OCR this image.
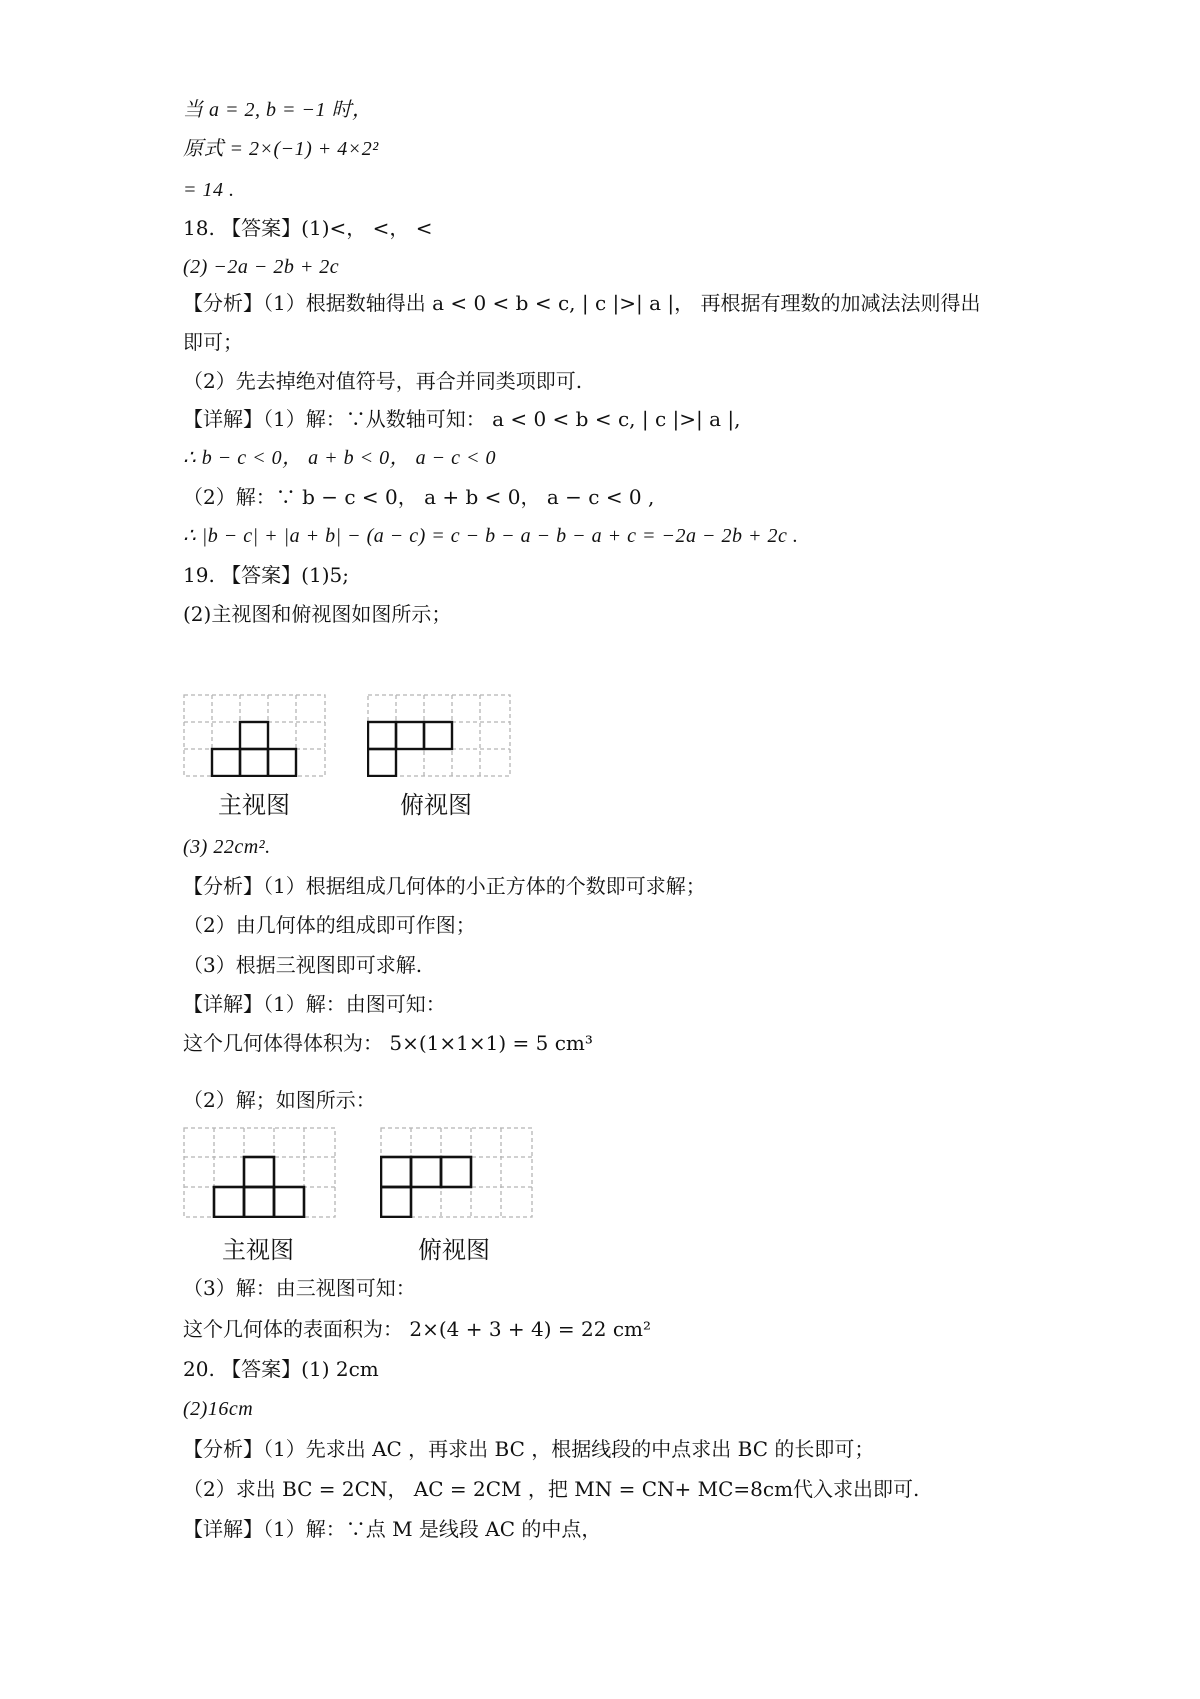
当 a = 2, b = −1 时，
原式 = 2×(−1) + 4×2²
= 14 .
18. 【答案】(1)<， <， <
(2) −2a − 2b + 2c
【分析】（1）根据数轴得出 a < 0 < b < c, | c |>| a |， 再根据有理数的加减法法则得出
即可；
（2）先去掉绝对值符号，再合并同类项即可.
【详解】（1）解：∵从数轴可知： a < 0 < b < c, | c |>| a |,
∴ b − c < 0， a + b < 0， a − c < 0
（2）解：∵ b − c < 0， a + b < 0， a − c < 0 ,
∴ |b − c| + |a + b| − (a − c) = c − b − a − b − a + c = −2a − 2b + 2c .
19. 【答案】(1)5;
(2)主视图和俯视图如图所示；
主视图	俯视图
(3) 22cm².
【分析】（1）根据组成几何体的小正方体的个数即可求解；
（2）由几何体的组成即可作图；
（3）根据三视图即可求解.
【详解】（1）解：由图可知：
这个几何体得体积为： 5×(1×1×1) = 5 cm³
（2）解；如图所示：
主视图	俯视图
（3）解：由三视图可知：
这个几何体的表面积为： 2×(4 + 3 + 4) = 22 cm²
20. 【答案】(1) 2cm
(2)16cm
【分析】（1）先求出 AC ，再求出 BC ，根据线段的中点求出 BC 的长即可；
（2）求出 BC = 2CN， AC = 2CM ，把 MN = CN+ MC=8cm代入求出即可.
【详解】（1）解：∵点 M 是线段 AC 的中点，
